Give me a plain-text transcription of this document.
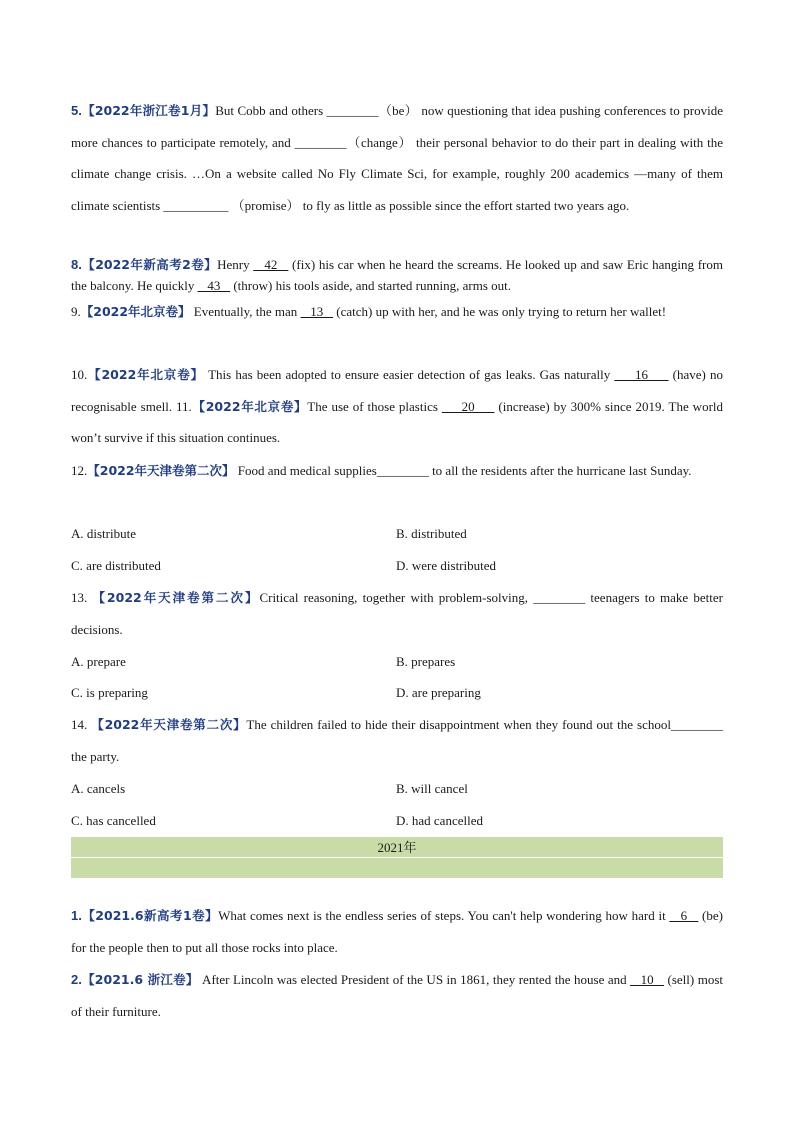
5.【2022年浙江卷1月】But Cobb and others ________（be） now questioning that idea pushing conferences to provide more chances to participate remotely, and ________（change） their personal behavior to do their part in dealing with the climate change crisis. …On a website called No Fly Climate Sci, for example, roughly 200 academics —many of them climate scientists __________ （promise） to fly as little as possible since the effort started two years ago.
8.【2022年新高考2卷】Henry    42    (fix) his car when he heard the screams. He looked up and saw Eric hanging from the balcony. He quickly    43    (throw) his tools aside, and started running, arms out.
9.【2022年北京卷】 Eventually, the man    13    (catch) up with her, and he was only trying to return her wallet!
10.【2022年北京卷】 This has been adopted to ensure easier detection of gas leaks. Gas naturally      16      (have) no recognisable smell. 11.【2022年北京卷】The use of those plastics      20      (increase) by 300% since 2019. The world won’t survive if this situation continues.
12.【2022年天津卷第二次】 Food and medical supplies________ to all the residents after the hurricane last Sunday.
A. distribute	B. distributed
C. are distributed	D. were distributed
13. 【2022年天津卷第二次】Critical reasoning, together with problem-solving, ________ teenagers to make better decisions.
A. prepare	B. prepares
C. is preparing	D. are preparing
14. 【2022年天津卷第二次】The children failed to hide their disappointment when they found out the school________ the party.
A. cancels	B. will cancel
C. has cancelled	D. had cancelled
2021年
1.【2021.6新高考1卷】What comes next is the endless series of steps. You can't help wondering how hard it    6    (be) for the people then to put all those rocks into place.
2.【2021.6 浙江卷】 After Lincoln was elected President of the US in 1861, they rented the house and    10    (sell) most of their furniture.
